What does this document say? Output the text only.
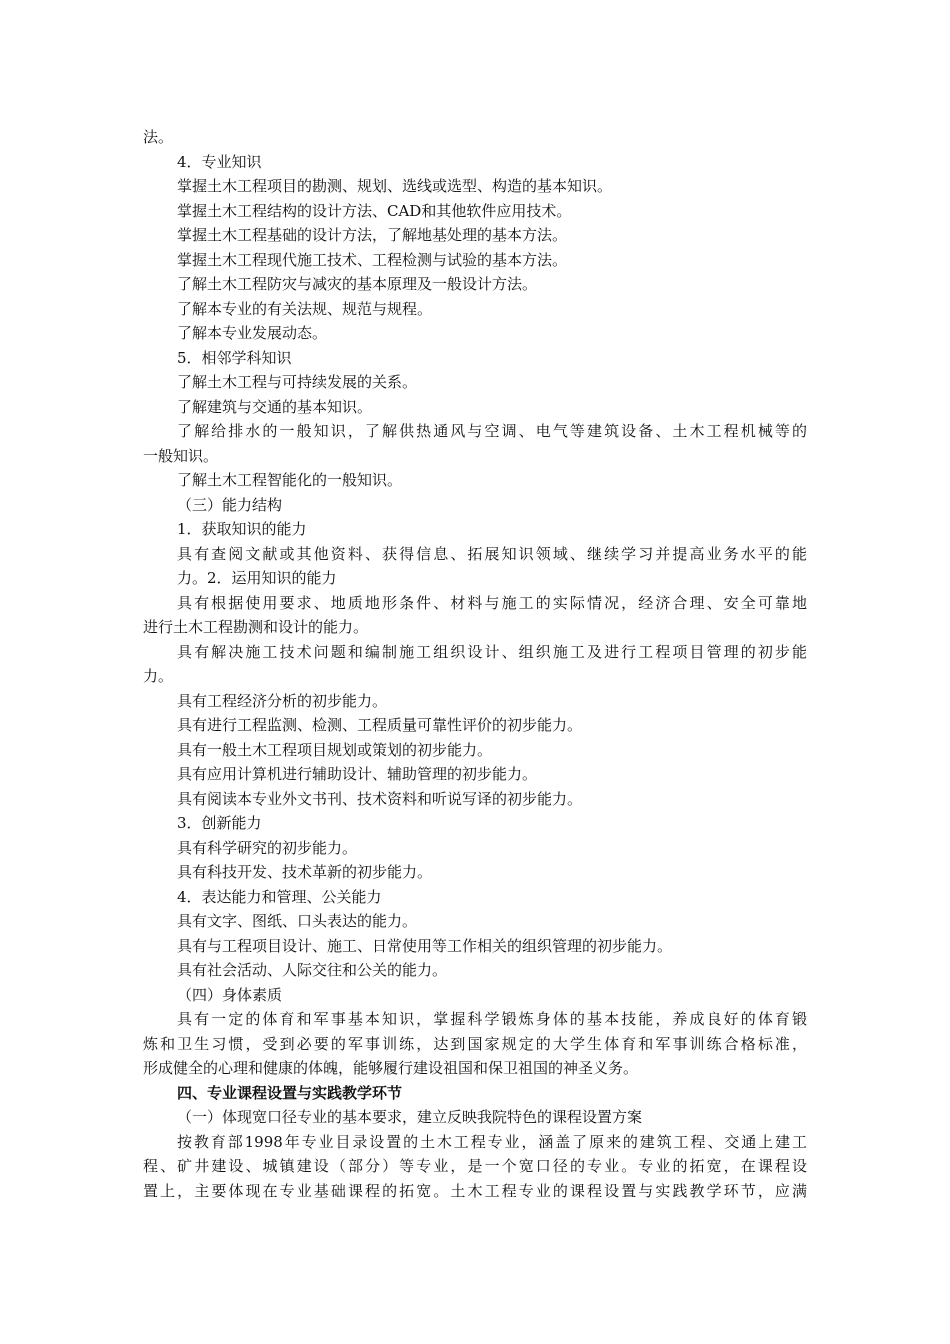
法。
4．专业知识
掌握土木工程项目的勘测、规划、选线或选型、构造的基本知识。
掌握土木工程结构的设计方法、CAD和其他软件应用技术。
掌握土木工程基础的设计方法，了解地基处理的基本方法。
掌握土木工程现代施工技术、工程检测与试验的基本方法。
了解土木工程防灾与减灾的基本原理及一般设计方法。
了解本专业的有关法规、规范与规程。
了解本专业发展动态。
5．相邻学科知识
了解土木工程与可持续发展的关系。
了解建筑与交通的基本知识。
了解给排水的一般知识，了解供热通风与空调、电气等建筑设备、土木工程机械等的
一般知识。
了解土木工程智能化的一般知识。
（三）能力结构
1．获取知识的能力
具有查阅文献或其他资料、获得信息、拓展知识领域、继续学习并提高业务水平的能
力。2．运用知识的能力
具有根据使用要求、地质地形条件、材料与施工的实际情况，经济合理、安全可靠地
进行土木工程勘测和设计的能力。
具有解决施工技术问题和编制施工组织设计、组织施工及进行工程项目管理的初步能
力。
具有工程经济分析的初步能力。
具有进行工程监测、检测、工程质量可靠性评价的初步能力。
具有一般土木工程项目规划或策划的初步能力。
具有应用计算机进行辅助设计、辅助管理的初步能力。
具有阅读本专业外文书刊、技术资料和听说写译的初步能力。
3．创新能力
具有科学研究的初步能力。
具有科技开发、技术革新的初步能力。
4．表达能力和管理、公关能力
具有文字、图纸、口头表达的能力。
具有与工程项目设计、施工、日常使用等工作相关的组织管理的初步能力。
具有社会活动、人际交往和公关的能力。
（四）身体素质
具有一定的体育和军事基本知识，掌握科学锻炼身体的基本技能，养成良好的体育锻
炼和卫生习惯，受到必要的军事训练，达到国家规定的大学生体育和军事训练合格标准，
形成健全的心理和健康的体魄，能够履行建设祖国和保卫祖国的神圣义务。
四、专业课程设置与实践教学环节
（一）体现宽口径专业的基本要求，建立反映我院特色的课程设置方案
按教育部1998年专业目录设置的土木工程专业，涵盖了原来的建筑工程、交通上建工
程、矿井建设、城镇建设（部分）等专业，是一个宽口径的专业。专业的拓宽，在课程设
置上，主要体现在专业基础课程的拓宽。土木工程专业的课程设置与实践教学环节，应满
